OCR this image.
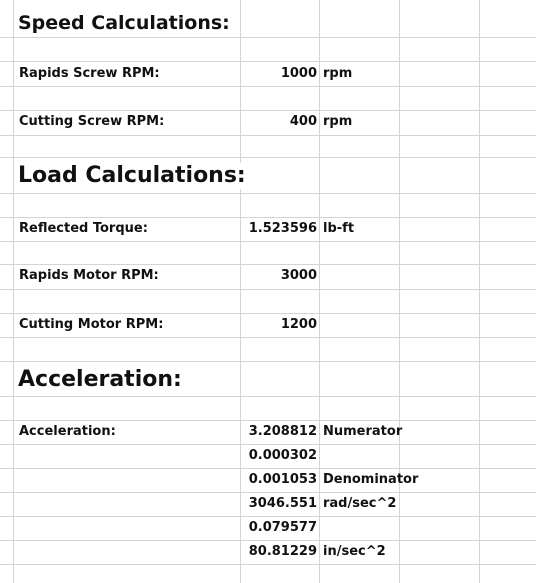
Speed Calculations:
Rapids Screw RPM:	1000 rpm
Cutting Screw RPM:	400 rpm
Load Calculations:
Reflected Torque:	1.523596 lb-ft
Rapids Motor RPM:	3000
Cutting Motor RPM:	1200
Acceleration:
Acceleration:	3.208812 Numerator
0.000302
0.001053 Denominator
3046.551 rad/sec^2
0.079577
80.81229 in/sec^2
